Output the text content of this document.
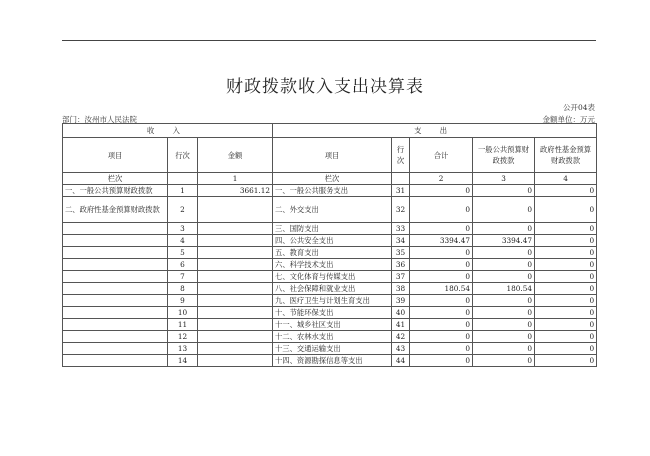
财政拨款收入支出决算表
公开04表
部门：汝州市人民法院	金额单位：万元
收 入			支 出				
项目	行次	金额	项目	行次	合计	一般公共预算财政拨款	政府性基金预算财政拨款
栏次		1	栏次		2	3	4
一、一般公共预算财政拨款	1	3661.12	一、一般公共服务支出	31	0	0	0
二、政府性基金预算财政拨款	2		二、外交支出	32	0	0	0
	3		三、国防支出	33	0	0	0
	4		四、公共安全支出	34	3394.47	3394.47	0
	5		五、教育支出	35	0	0	0
	6		六、科学技术支出	36	0	0	0
	7		七、文化体育与传媒支出	37	0	0	0
	8		八、社会保障和就业支出	38	180.54	180.54	0
	9		九、医疗卫生与计划生育支出	39	0	0	0
	10		十、节能环保支出	40	0	0	0
	11		十一、城乡社区支出	41	0	0	0
	12		十二、农林水支出	42	0	0	0
	13		十三、交通运输支出	43	0	0	0
	14		十四、资源勘探信息等支出	44	0	0	0
